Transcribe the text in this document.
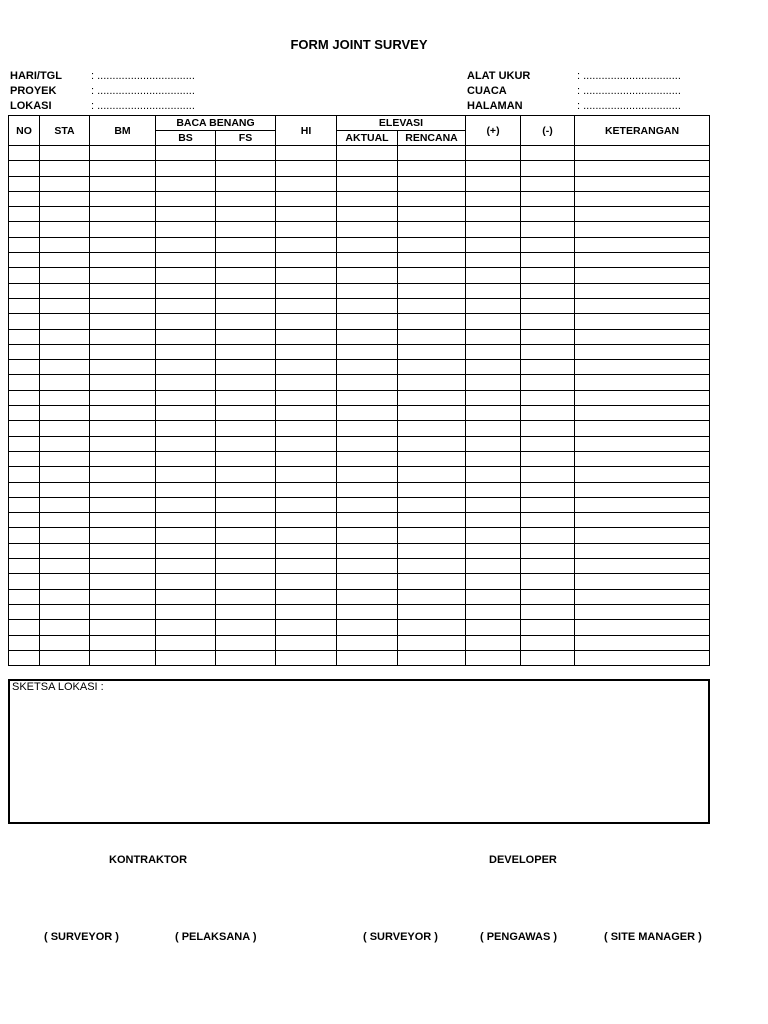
FORM JOINT SURVEY
HARI/TGL	: ................................
PROYEK	: ................................
LOKASI	: ................................
ALAT UKUR	: ................................
CUACA	: ................................
HALAMAN	: ................................
NO	STA	BM	BACA BENANG		HI	ELEVASI		(+)	(-)	KETERANGAN
			BS	FS		AKTUAL	RENCANA			

SKETSA LOKASI :
KONTRAKTOR	DEVELOPER
( SURVEYOR )	( PELAKSANA )	( SURVEYOR )	( PENGAWAS )	( SITE MANAGER )
